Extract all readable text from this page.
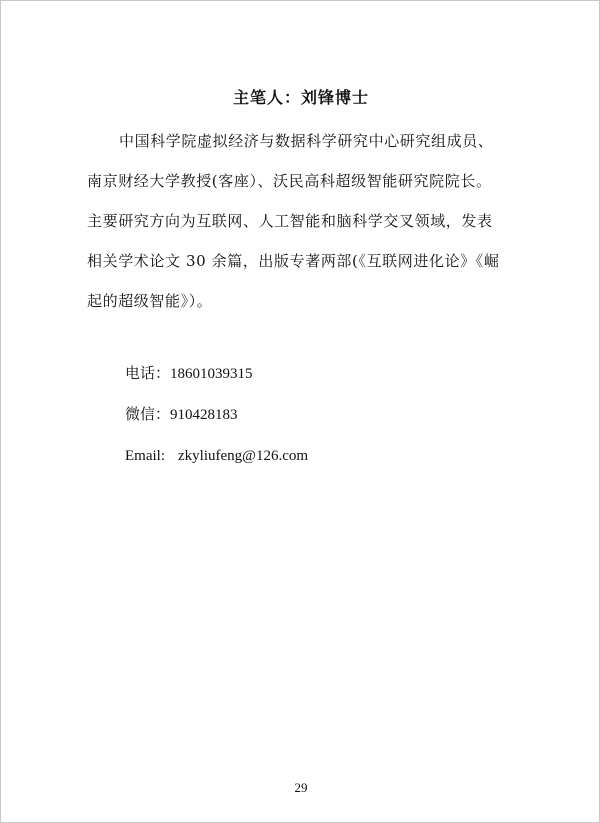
主笔人：刘锋博士
中国科学院虚拟经济与数据科学研究中心研究组成员、
南京财经大学教授(客座）、沃民高科超级智能研究院院长。
主要研究方向为互联网、人工智能和脑科学交叉领域，发表
相关学术论文 30 余篇，出版专著两部(《互联网进化论》《崛
起的超级智能》）。
电话：18601039315
微信：910428183
Email: zkyliufeng@126.com
29
